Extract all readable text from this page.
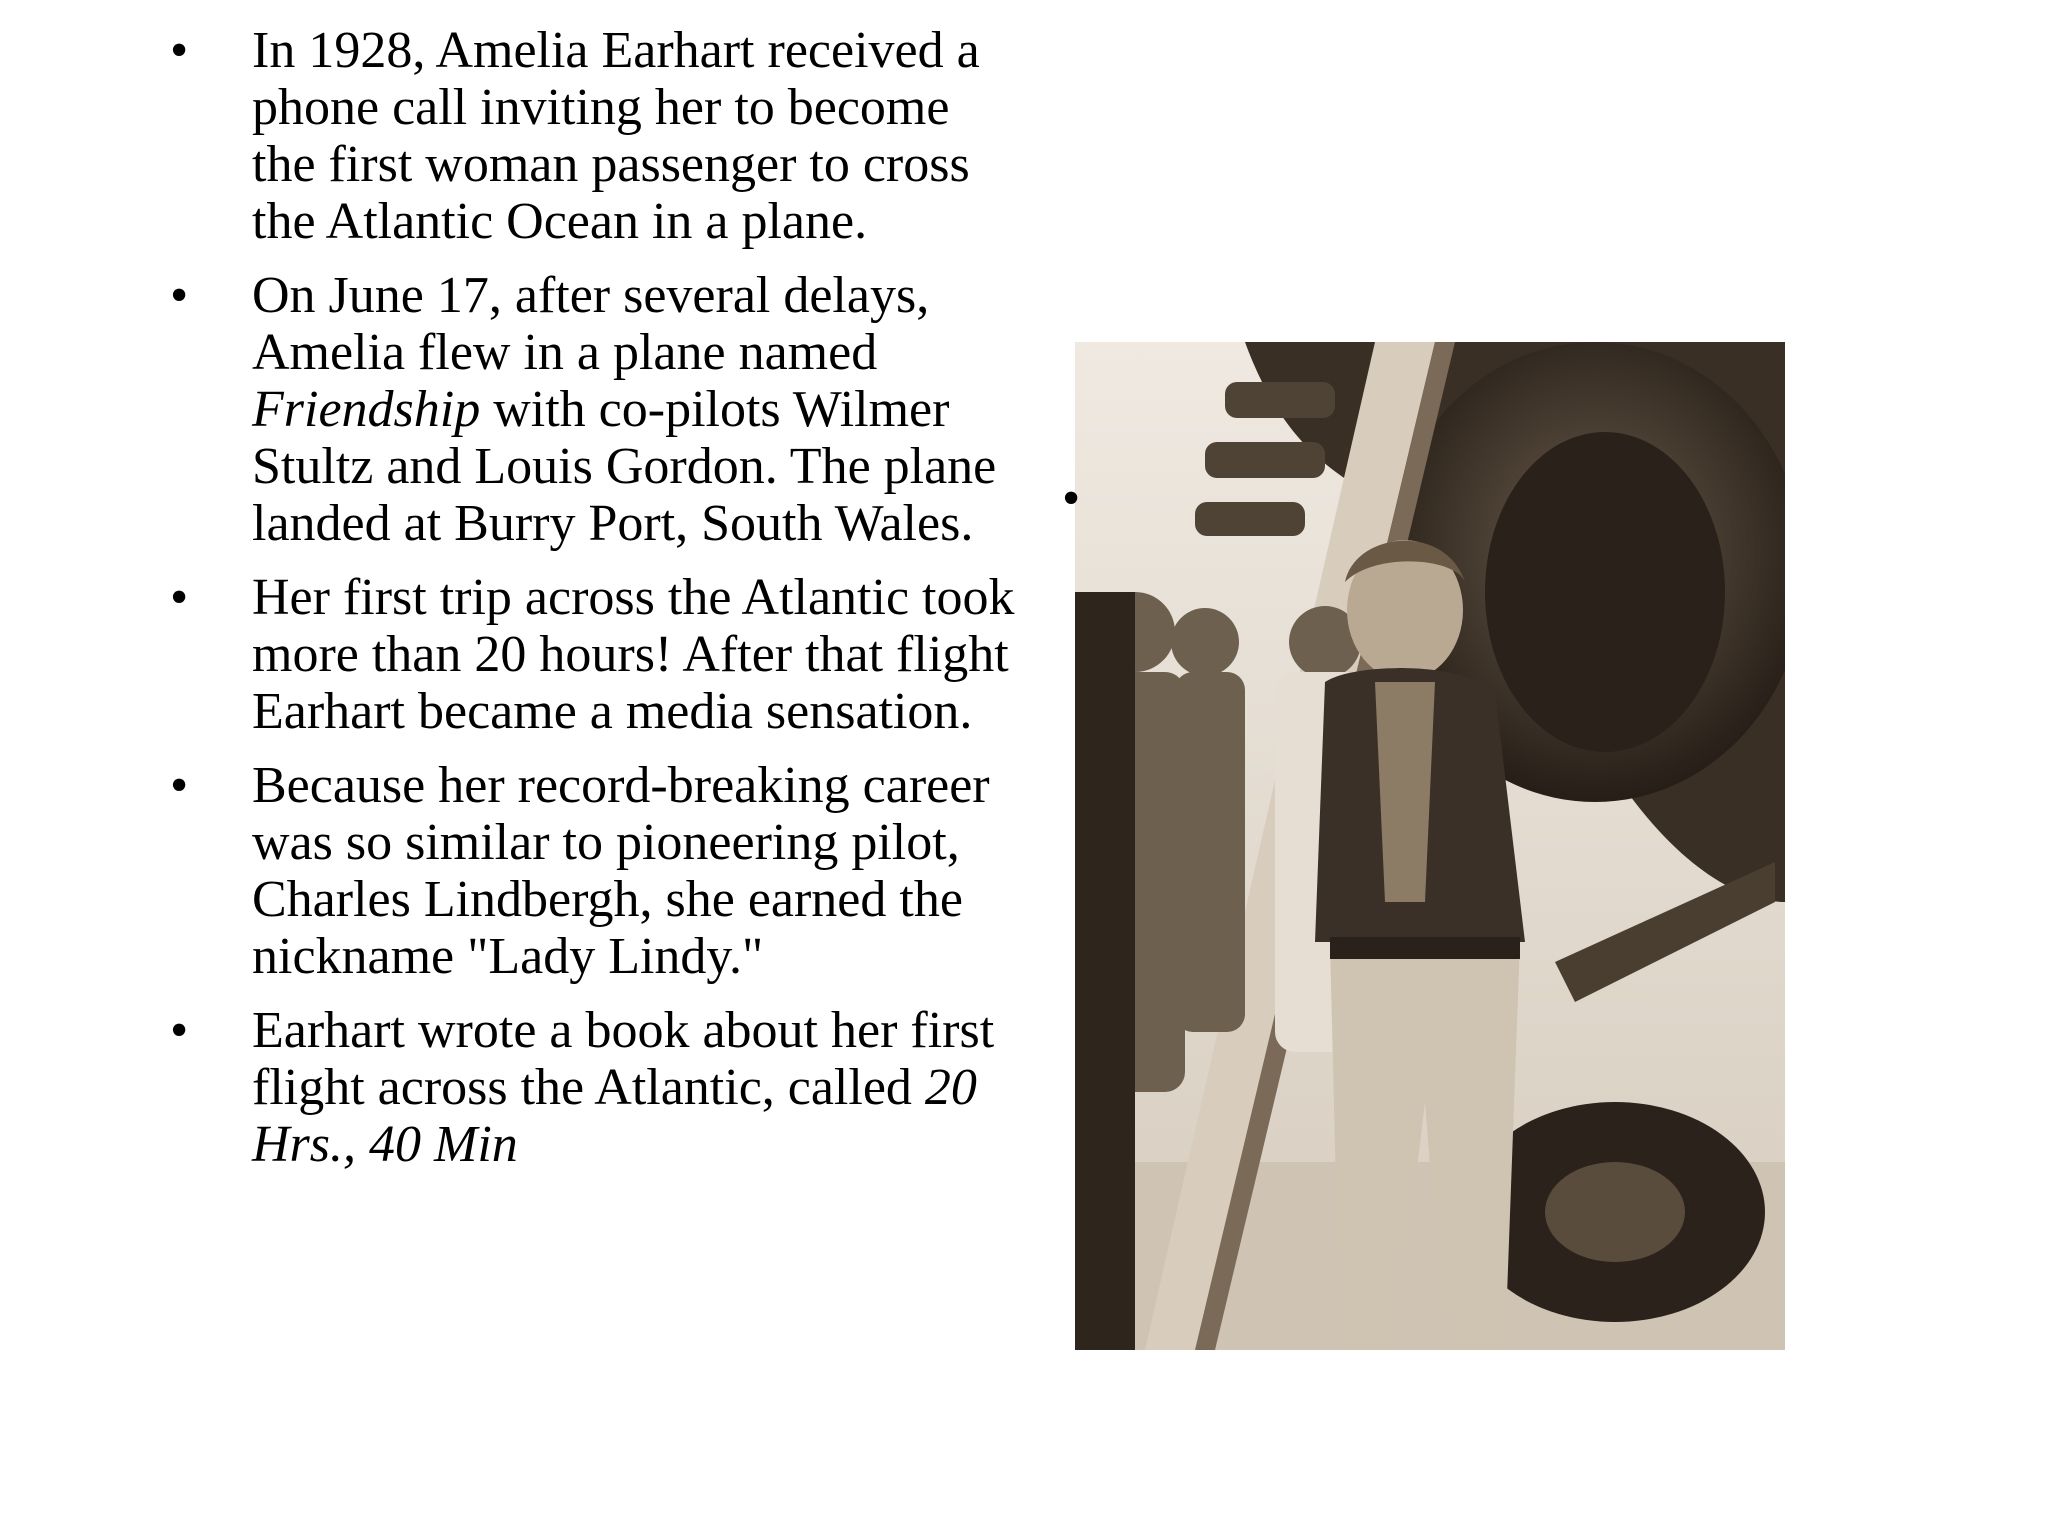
•	In 1928, Amelia Earhart received a phone call inviting her to become the first woman passenger to cross the Atlantic Ocean in a plane.
•	On June 17, after several delays, Amelia flew in a plane named Friendship with co-pilots Wilmer Stultz and Louis Gordon. The plane landed at Burry Port, South Wales.
•	Her first trip across the Atlantic took more than 20 hours! After that flight Earhart became a media sensation.
•	Because her record-breaking career was so similar to pioneering pilot, Charles Lindbergh, she earned the nickname "Lady Lindy."
•	Earhart wrote a book about her first flight across the Atlantic, called 20 Hrs., 40 Min
•
